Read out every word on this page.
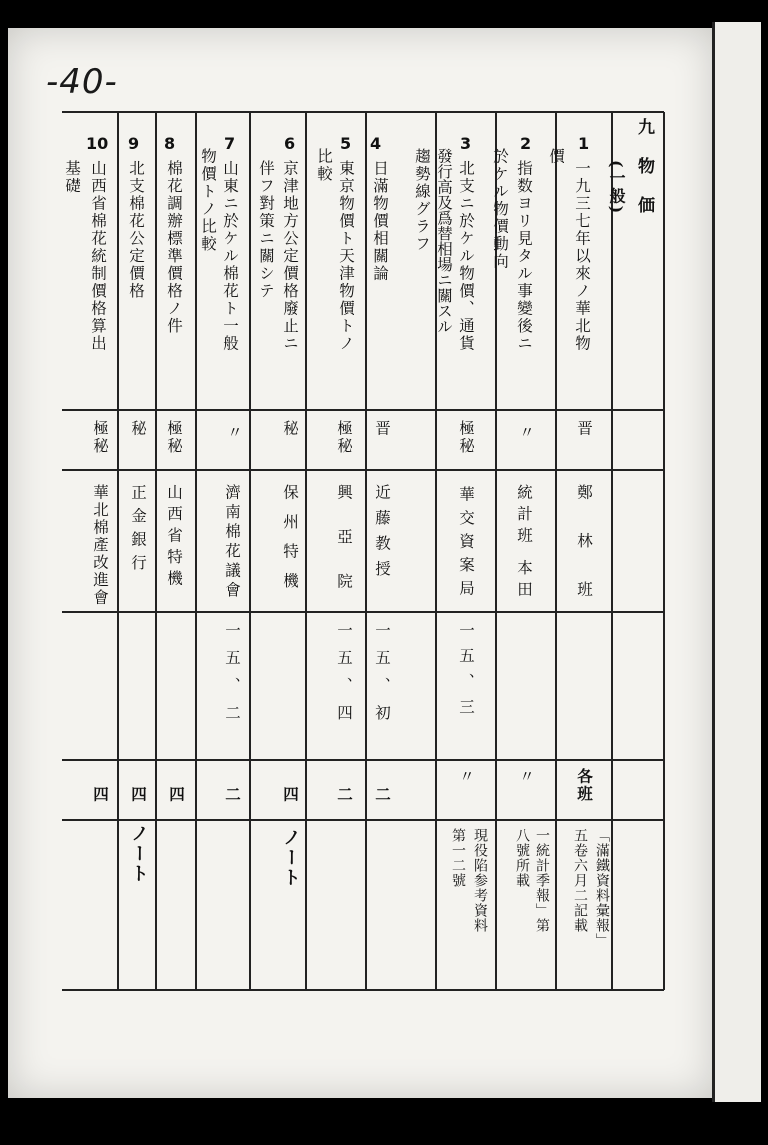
-40-
九 物 価
(一般)
1
一九三七年以來ノ華北物
價
晋
鄭 林 班
各班
「滿鐵資料彙報」
五卷六月二記載
2
指数ヨリ見タル事變後ニ
於ケル物價動向
〃
統計班 本田
〃
一統計季報」第
八號所載
3
北支ニ於ケル物價、通貨
發行高及爲替相場ニ關スル
趨勢線グラフ
極秘
華交資案局
一五、三
〃
現役陷参考資料
第一二號
4
日滿物價相關論
晋
近藤教授
一五、初
二
5
東京物價ト天津物價トノ
比較
極秘
興 亞 院
一五、四
二
6
京津地方公定價格廢止ニ
伴フ對策ニ關シテ
秘
保州特機
四
ノート
7
山東ニ於ケル棉花ト一般
物價トノ比較
〃
濟南棉花議會
一五、二
二
8
棉花調辦標準價格ノ件
極秘
山西省特機
四
9
北支棉花公定價格
秘
正金銀行
四
ノート
10
山西省棉花統制價格算出
基礎
極秘
華北棉產改進會
四
